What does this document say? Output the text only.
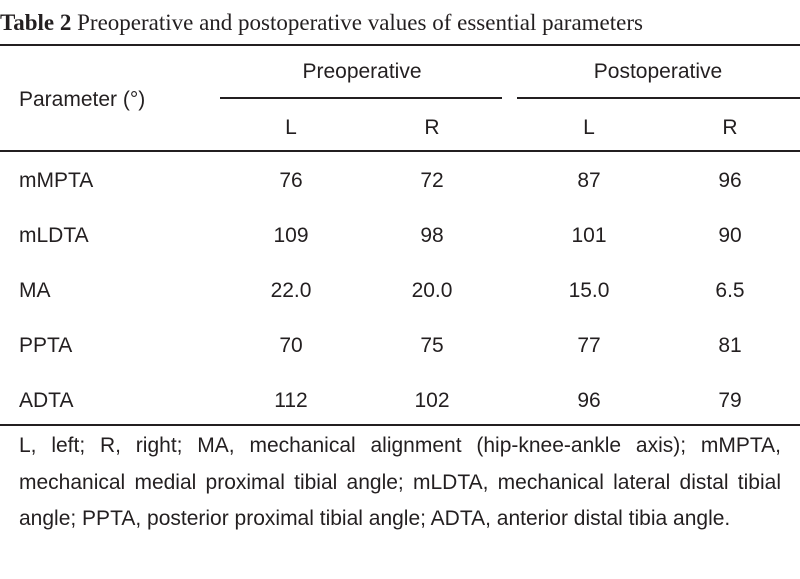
Table 2 Preoperative and postoperative values of essential parameters
Parameter (°)
Preoperative	Postoperative
L	R	L	R
mMPTA	76	72	87	96
mLDTA	109	98	101	90
MA	22.0	20.0	15.0	6.5
PPTA	70	75	77	81
ADTA	112	102	96	79

L, left; R, right; MA, mechanical alignment (hip-knee-ankle axis); mMPTA, mechanical medial proximal tibial angle; mLDTA, mechanical lateral distal tibial angle; PPTA, posterior proximal tibial angle; ADTA, anterior distal tibia angle.
